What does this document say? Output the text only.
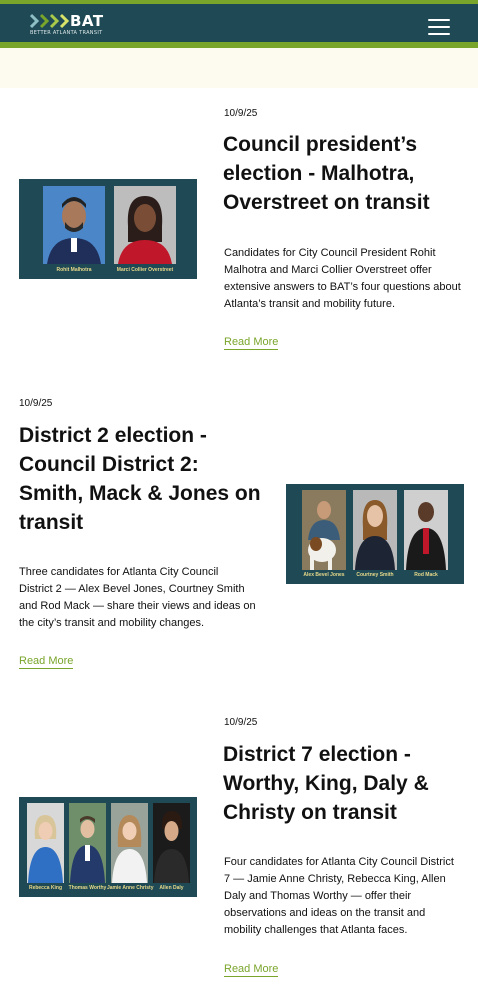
BAT
BETTER ATLANTA TRANSIT
Rohit Malhotra	Marci Collier Overstreet
10/9/25
Council president’s
election - Malhotra,
Overstreet on transit
Candidates for City Council President Rohit
Malhotra and Marci Collier Overstreet offer
extensive answers to BAT’s four questions about
Atlanta’s transit and mobility future.
Read More
10/9/25
District 2 election -
Council District 2:
Smith, Mack & Jones on
transit
Three candidates for Atlanta City Council
District 2 — Alex Bevel Jones, Courtney Smith
and Rod Mack — share their views and ideas on
the city’s transit and mobility changes.
Read More
Alex Bevel Jones	Courtney Smith	Rod Mack
Rebecca King	Thomas Worthy Jamie Anne Christy	Allen Daly
10/9/25
District 7 election -
Worthy, King, Daly &
Christy on transit
Four candidates for Atlanta City Council District
7 — Jamie Anne Christy, Rebecca King, Allen
Daly and Thomas Worthy — offer their
observations and ideas on the transit and
mobility challenges that Atlanta faces.
Read More
